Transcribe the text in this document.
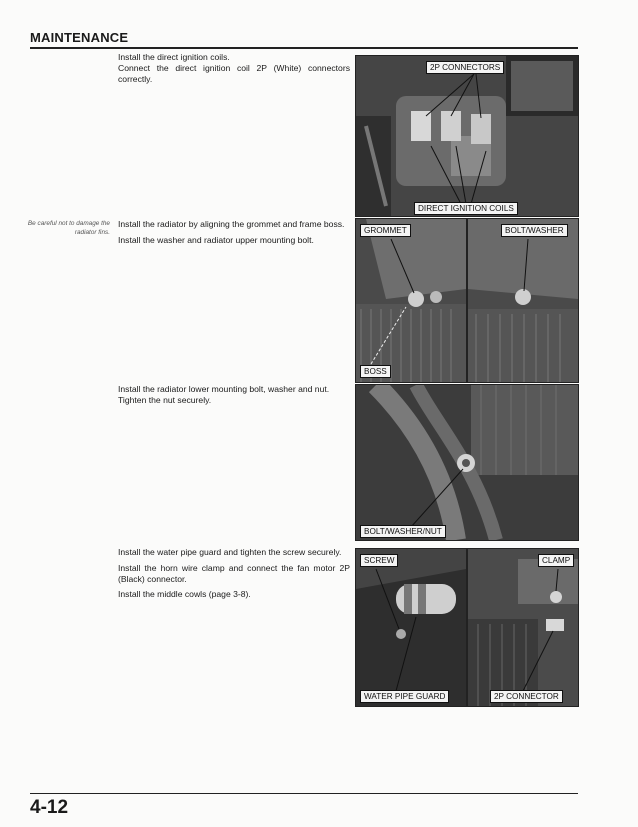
MAINTENANCE

Install the direct ignition coils.

Connect the direct ignition coil 2P (White) connectors correctly.

2P CONNECTORS
DIRECT IGNITION COILS
Be careful not to damage the radiator fins.

Install the radiator by aligning the grommet and frame boss.

Install the washer and radiator upper mounting bolt.

GROMMET
BOSS
BOLT/WASHER

Install the radiator lower mounting bolt, washer and nut.

Tighten the nut securely.

BOLT/WASHER/NUT

Install the water pipe guard and tighten the screw securely.

Install the horn wire clamp and connect the fan motor 2P (Black) connector.

Install the middle cowls (page 3-8).

SCREW
WATER PIPE GUARD
CLAMP
2P CONNECTOR
4-12
